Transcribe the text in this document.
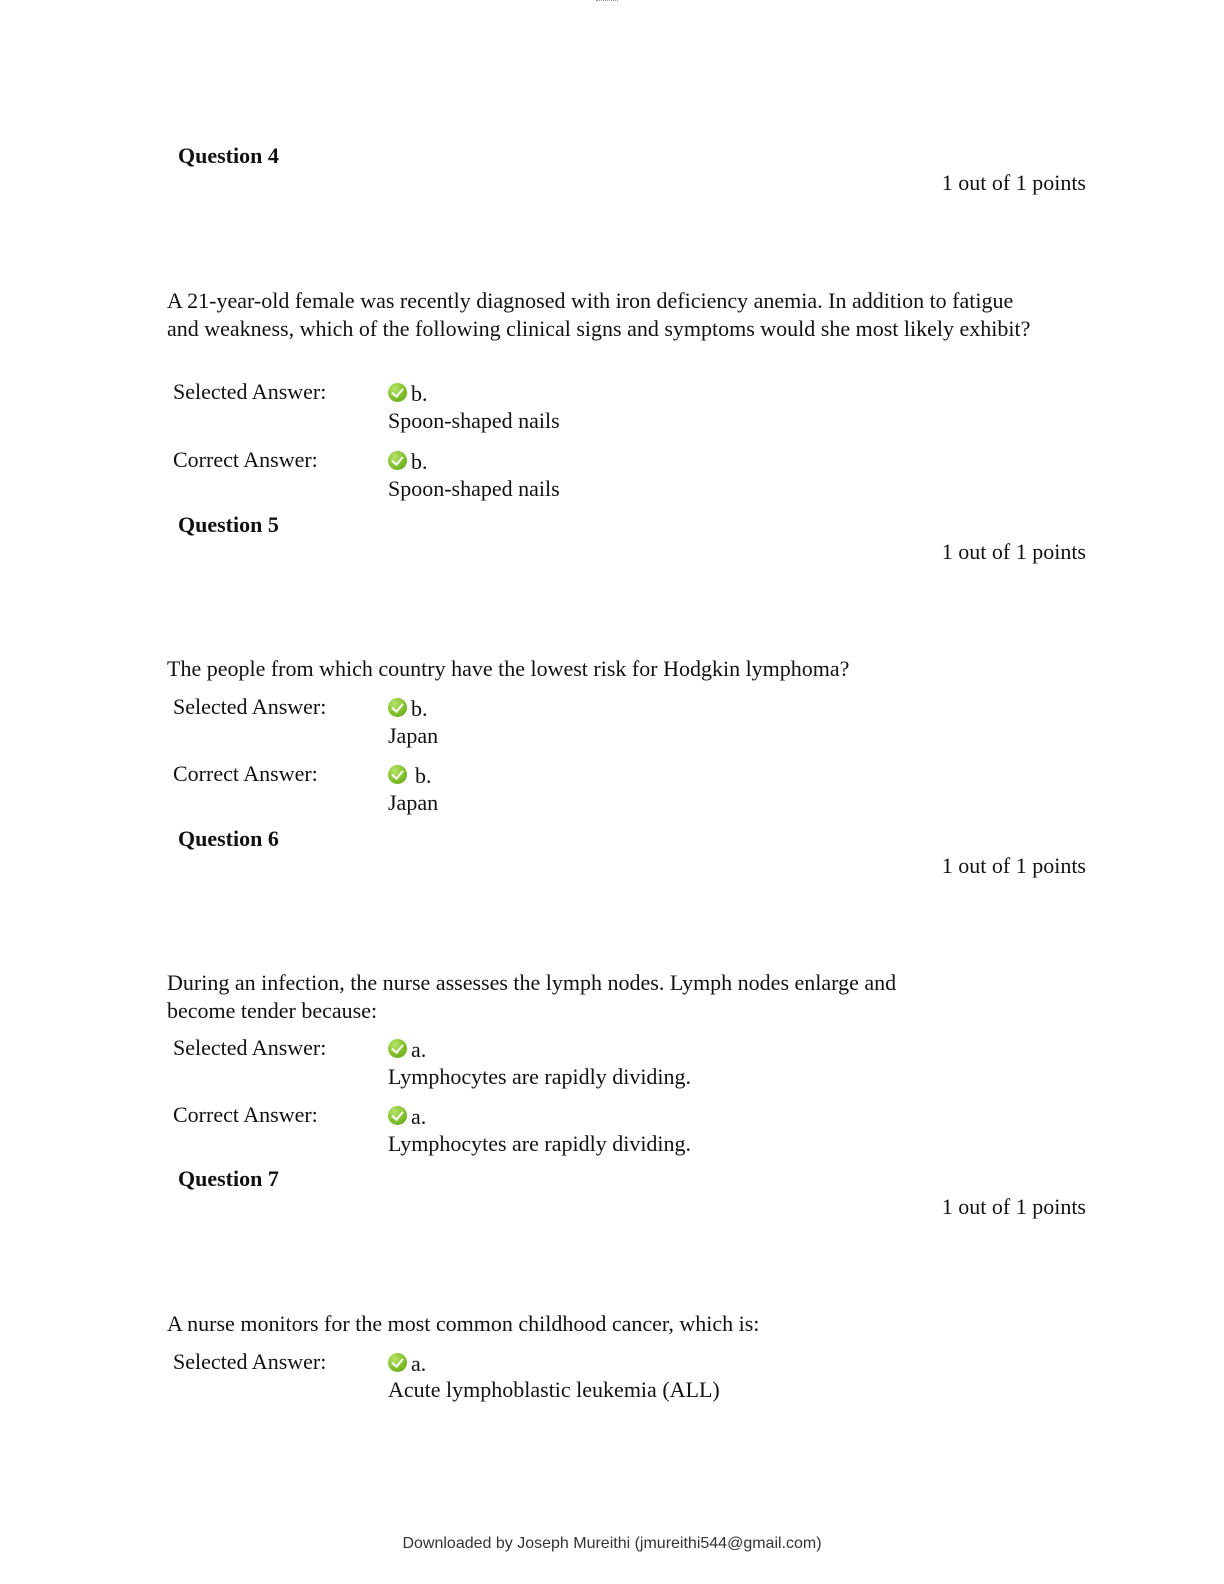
Question 4
1 out of 1 points
A 21-year-old female was recently diagnosed with iron deficiency anemia. In addition to fatigue and weakness, which of the following clinical signs and symptoms would she most likely exhibit?
Selected Answer:	b.
Spoon-shaped nails
Correct Answer:	b.
Spoon-shaped nails
Question 5
1 out of 1 points
The people from which country have the lowest risk for Hodgkin lymphoma?
Selected Answer:	b.
Japan
Correct Answer:	b.
Japan
Question 6
1 out of 1 points
During an infection, the nurse assesses the lymph nodes. Lymph nodes enlarge and become tender because:
Selected Answer:	a.
Lymphocytes are rapidly dividing.
Correct Answer:	a.
Lymphocytes are rapidly dividing.
Question 7
1 out of 1 points
A nurse monitors for the most common childhood cancer, which is:
Selected Answer:	a.
Acute lymphoblastic leukemia (ALL)
Downloaded by Joseph Mureithi (jmureithi544@gmail.com)
